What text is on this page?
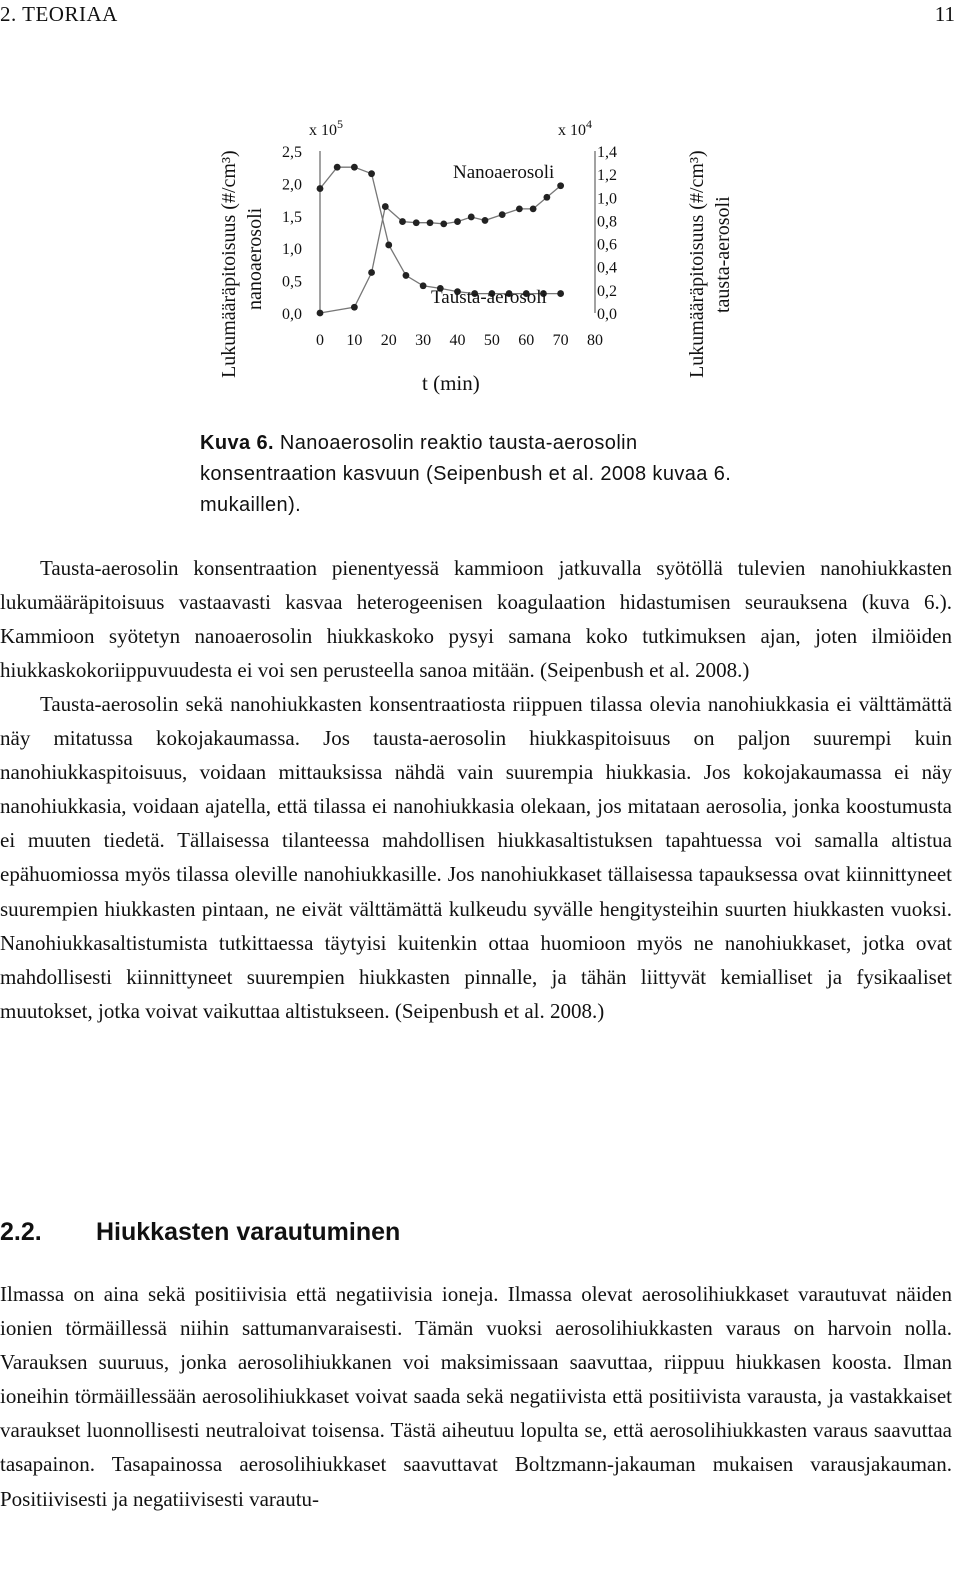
2. TEORIAA	11
Lukumääräpitoisuus (#/cm³) nanoaerosoli	Lukumääräpitoisuus (#/cm³) tausta-aerosoli
x $10^5$	x $10^4$
0 10 20 30 40 50 60 70 80
0,0
0,5
1,0
1,5
2,0
2,5
0,0
0,2
0,4
0,6
0,8
1,0
1,2
1,4
Nanoaerosoli
Tausta-aerosoli
t (min)
Kuva 6. Nanoaerosolin reaktio tausta-aerosolin konsentraation kasvuun (Seipenbush et al. 2008 kuvaa 6. mukaillen).
Tausta-aerosolin konsentraation pienentyessä kammioon jatkuvalla syötöllä tulevien nanohiukkasten lukumääräpitoisuus vastaavasti kasvaa heterogeenisen koagulaation hidastumisen seurauksena (kuva 6.). Kammioon syötetyn nanoaerosolin hiukkaskoko pysyi samana koko tutkimuksen ajan, joten ilmiöiden hiukkaskokoriippuvuudesta ei voi sen perusteella sanoa mitään. (Seipenbush et al. 2008.)
Tausta-aerosolin sekä nanohiukkasten konsentraatiosta riippuen tilassa olevia nanohiukkasia ei välttämättä näy mitatussa kokojakaumassa. Jos tausta-aerosolin hiukkaspitoisuus on paljon suurempi kuin nanohiukkaspitoisuus, voidaan mittauksissa nähdä vain suurempia hiukkasia. Jos kokojakaumassa ei näy nanohiukkasia, voidaan ajatella, että tilassa ei nanohiukkasia olekaan, jos mitataan aerosolia, jonka koostumusta ei muuten tiedetä. Tällaisessa tilanteessa mahdollisen hiukkasaltistuksen tapahtuessa voi samalla altistua epähuomiossa myös tilassa oleville nanohiukkasille. Jos nanohiukkaset tällaisessa tapauksessa ovat kiinnittyneet suurempien hiukkasten pintaan, ne eivät välttämättä kulkeudu syvälle hengitysteihin suurten hiukkasten vuoksi. Nanohiukkasaltistumista tutkittaessa täytyisi kuitenkin ottaa huomioon myös ne nanohiukkaset, jotka ovat mahdollisesti kiinnittyneet suurempien hiukkasten pinnalle, ja tähän liittyvät kemialliset ja fysikaaliset muutokset, jotka voivat vaikuttaa altistukseen. (Seipenbush et al. 2008.)
2.2. Hiukkasten varautuminen
Ilmassa on aina sekä positiivisia että negatiivisia ioneja. Ilmassa olevat aerosolihiukkaset varautuvat näiden ionien törmäillessä niihin sattumanvaraisesti. Tämän vuoksi aerosolihiukkasten varaus on harvoin nolla. Varauksen suuruus, jonka aerosolihiukkanen voi maksimissaan saavuttaa, riippuu hiukkasen koosta. Ilman ioneihin törmäillessään aerosolihiukkaset voivat saada sekä negatiivista että positiivista varausta, ja vastakkaiset varaukset luonnollisesti neutraloivat toisensa. Tästä aiheutuu lopulta se, että aerosolihiukkasten varaus saavuttaa tasapainon. Tasapainossa aerosolihiukkaset saavuttavat Boltzmann-jakauman mukaisen varausjakauman. Positiivisesti ja negatiivisesti varautu-
